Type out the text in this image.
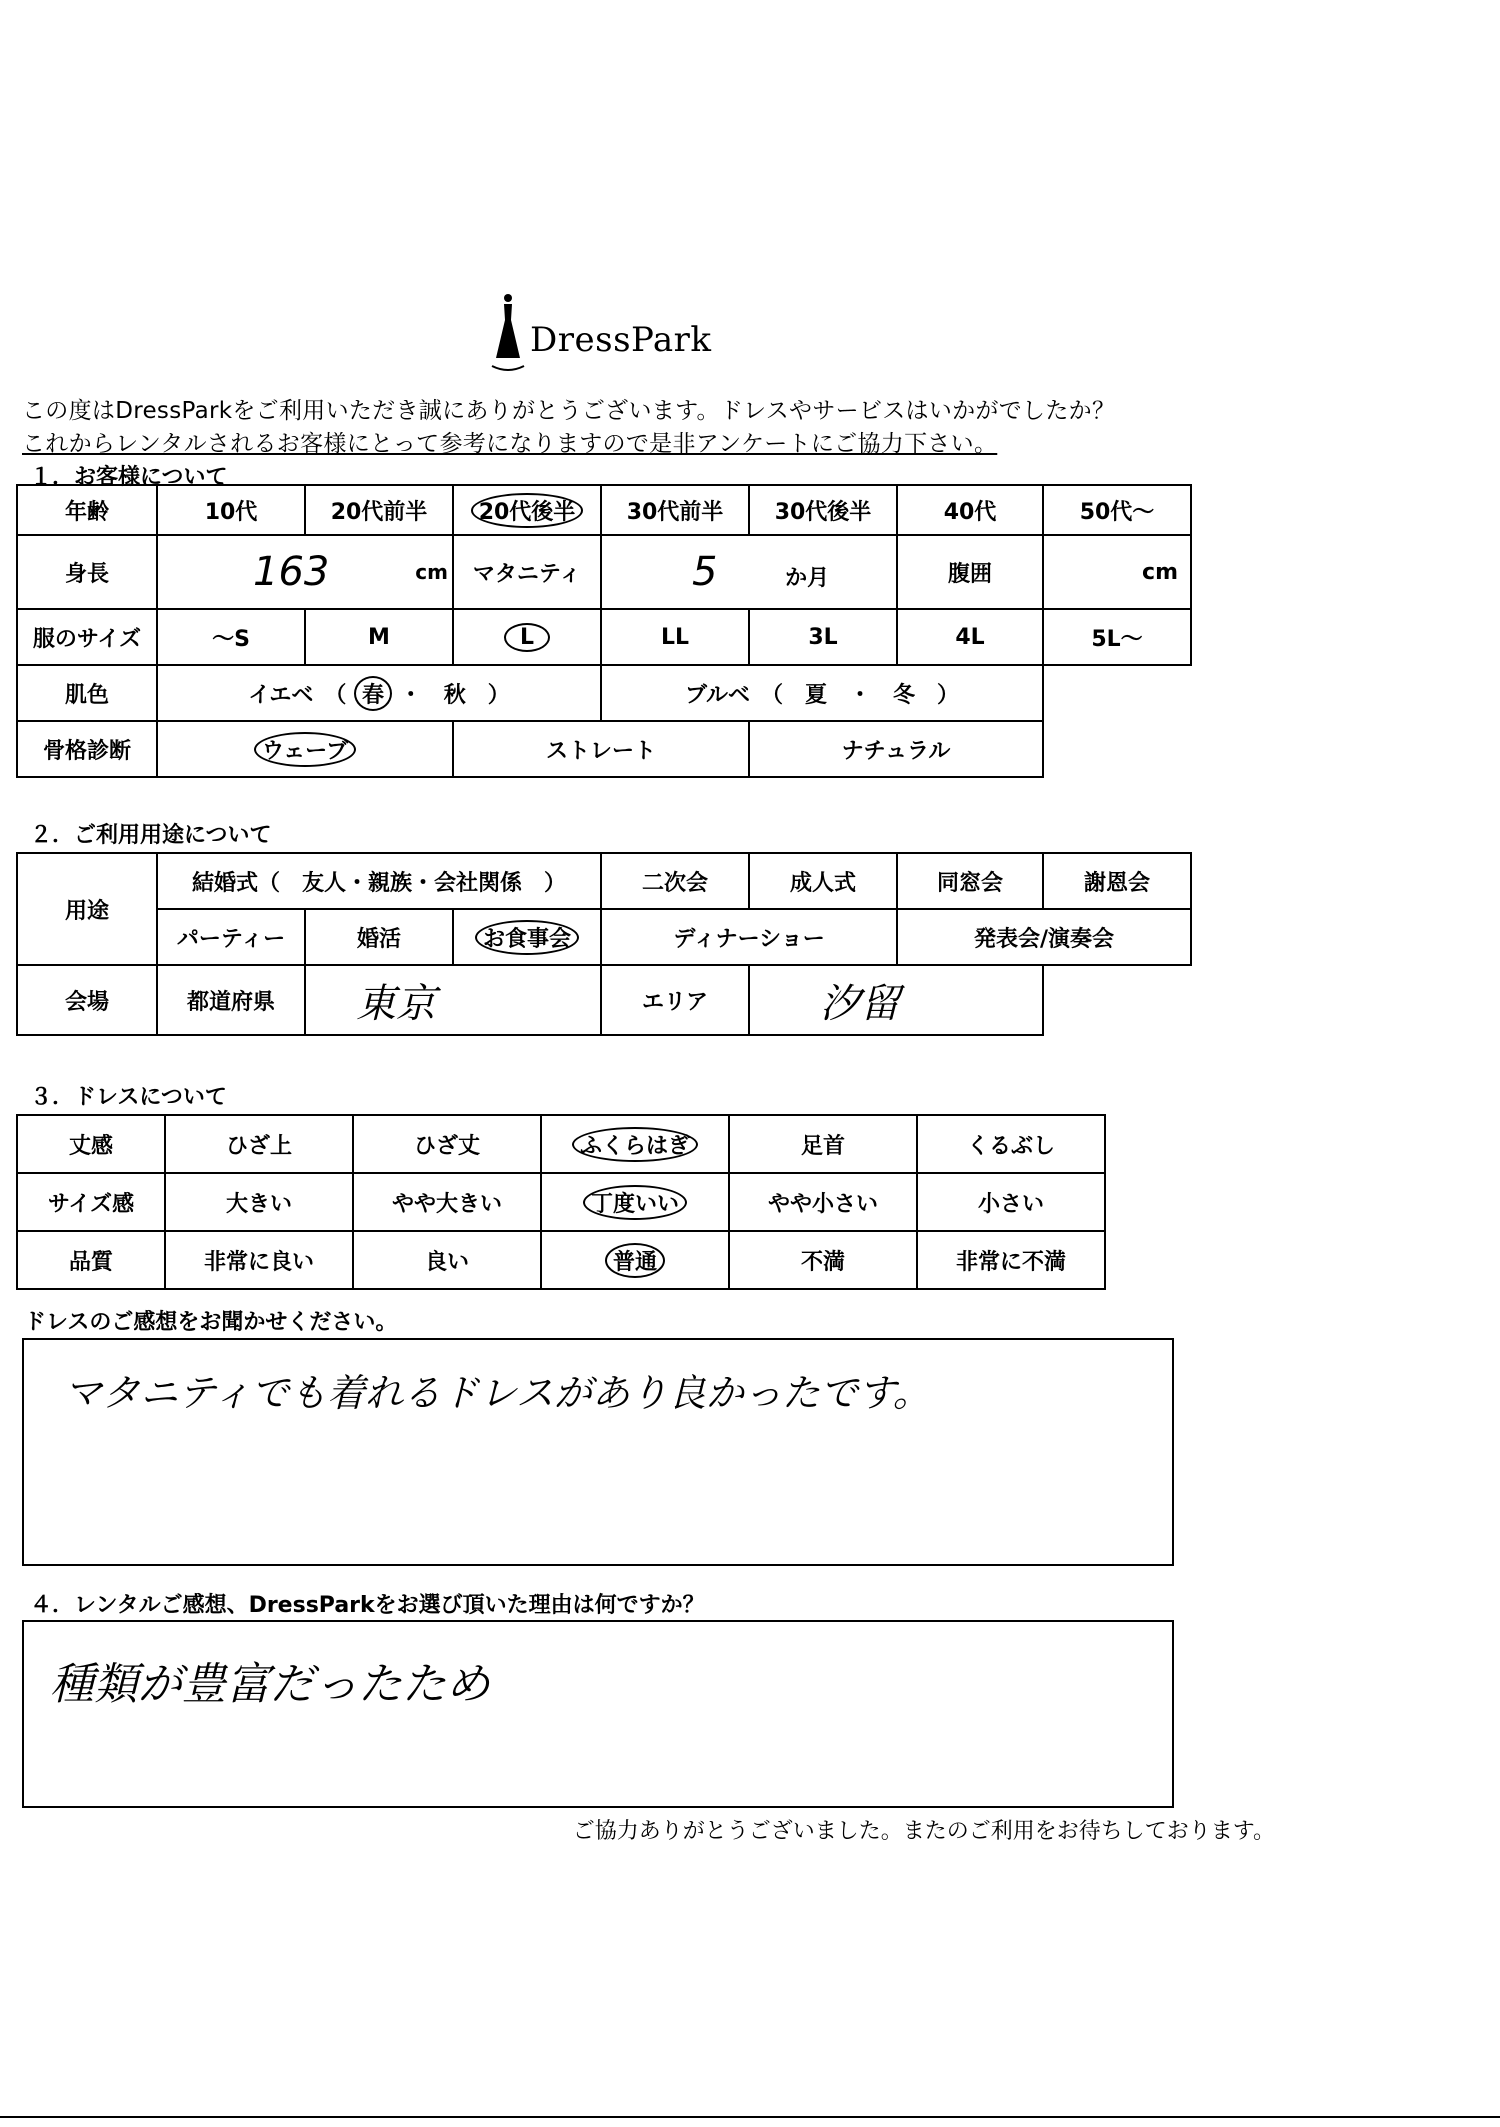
DressPark
この度はDressParkをご利用いただき誠にありがとうございます。ドレスやサービスはいかがでしたか？
これからレンタルされるお客様にとって参考になりますので是非アンケートにご協力下さい。
１．お客様について
年齢	10代	20代前半	20代後半	30代前半	30代後半	40代	50代～
身長	163 cm		マタニティ	5 か月		腹囲	cm
服のサイズ	～S	M	L	LL	3L	4L	5L～
肌色	イエベ　（ 春 ・　秋　）			ブルベ　（　夏　・　冬　）			
骨格診断	ウェーブ		ストレート		ナチュラル		
２．ご利用用途について
用途	結婚式（　友人・親族・会社関係　）			二次会	成人式	同窓会	謝恩会
	パーティー	婚活	お食事会	ディナーショー		発表会/演奏会	
会場	都道府県	東京		エリア	汐留		
３．ドレスについて
丈感	ひざ上	ひざ丈	ふくらはぎ	足首	くるぶし
サイズ感	大きい	やや大きい	丁度いい	やや小さい	小さい
品質	非常に良い	良い	普通	不満	非常に不満
ドレスのご感想をお聞かせください。
マタニティでも着れるドレスがあり良かったです。
４．レンタルご感想、DressParkをお選び頂いた理由は何ですか？
種類が豊富だったため
ご協力ありがとうございました。またのご利用をお待ちしております。
